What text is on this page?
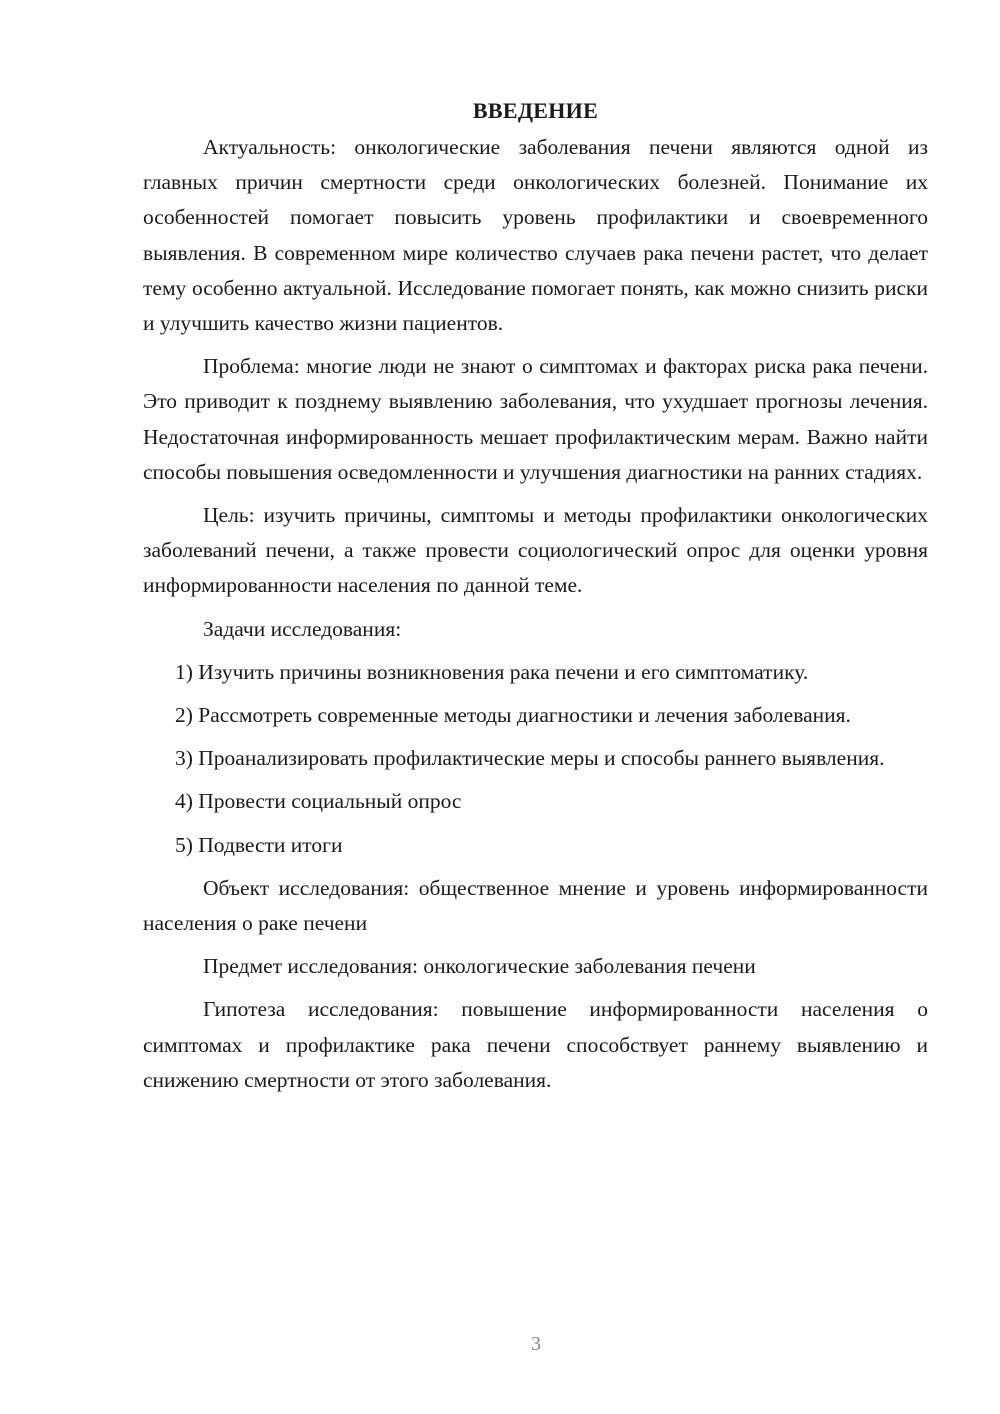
ВВЕДЕНИЕ

Актуальность: онкологические заболевания печени являются одной из главных причин смертности среди онкологических болезней. Понимание их особенностей помогает повысить уровень профилактики и своевременного выявления. В современном мире количество случаев рака печени растет, что делает тему особенно актуальной. Исследование помогает понять, как можно снизить риски и улучшить качество жизни пациентов.

Проблема: многие люди не знают о симптомах и факторах риска рака печени. Это приводит к позднему выявлению заболевания, что ухудшает прогнозы лечения. Недостаточная информированность мешает профилактическим мерам. Важно найти способы повышения осведомленности и улучшения диагностики на ранних стадиях.

Цель: изучить причины, симптомы и методы профилактики онкологических заболеваний печени, а также провести социологический опрос для оценки уровня информированности населения по данной теме.

Задачи исследования:

1) Изучить причины возникновения рака печени и его симптоматику.

2) Рассмотреть современные методы диагностики и лечения заболевания.

3) Проанализировать профилактические меры и способы раннего выявления.

4) Провести социальный опрос

5) Подвести итоги

Объект исследования: общественное мнение и уровень информированности населения о раке печени

Предмет исследования: онкологические заболевания печени

Гипотеза исследования: повышение информированности населения о симптомах и профилактике рака печени способствует раннему выявлению и снижению смертности от этого заболевания.

3
